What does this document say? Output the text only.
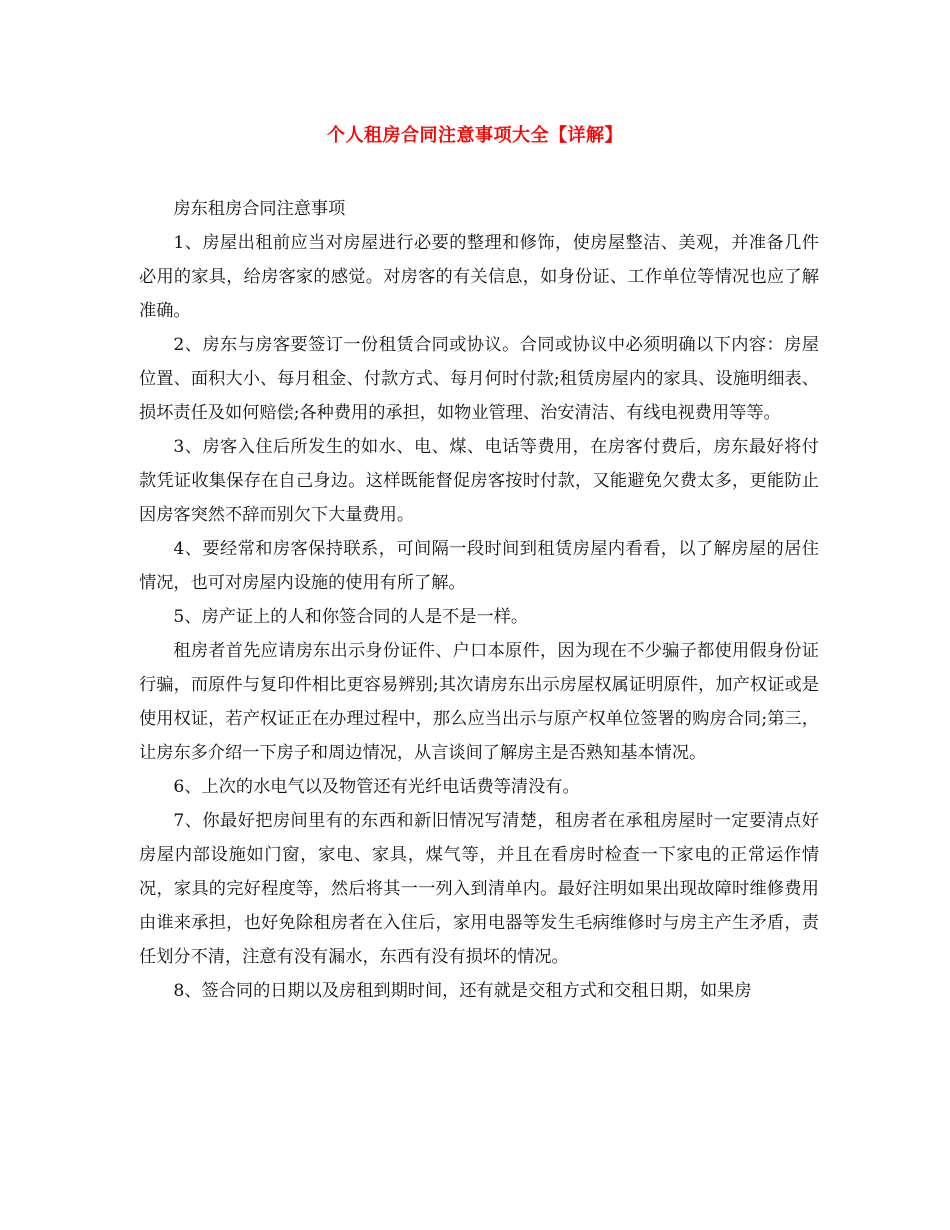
个人租房合同注意事项大全【详解】

房东租房合同注意事项

1、房屋出租前应当对房屋进行必要的整理和修饰，使房屋整洁、美观，并准备几件必用的家具，给房客家的感觉。对房客的有关信息，如身份证、工作单位等情况也应了解准确。

2、房东与房客要签订一份租赁合同或协议。合同或协议中必须明确以下内容：房屋位置、面积大小、每月租金、付款方式、每月何时付款;租赁房屋内的家具、设施明细表、损坏责任及如何赔偿;各种费用的承担，如物业管理、治安清洁、有线电视费用等等。

3、房客入住后所发生的如水、电、煤、电话等费用，在房客付费后，房东最好将付款凭证收集保存在自己身边。这样既能督促房客按时付款，又能避免欠费太多，更能防止因房客突然不辞而别欠下大量费用。

4、要经常和房客保持联系，可间隔一段时间到租赁房屋内看看，以了解房屋的居住情况，也可对房屋内设施的使用有所了解。

5、房产证上的人和你签合同的人是不是一样。

租房者首先应请房东出示身份证件、户口本原件，因为现在不少骗子都使用假身份证行骗，而原件与复印件相比更容易辨别;其次请房东出示房屋权属证明原件，加产权证或是使用权证，若产权证正在办理过程中，那么应当出示与原产权单位签署的购房合同;第三，让房东多介绍一下房子和周边情况，从言谈间了解房主是否熟知基本情况。

6、上次的水电气以及物管还有光纤电话费等清没有。

7、你最好把房间里有的东西和新旧情况写清楚，租房者在承租房屋时一定要清点好房屋内部设施如门窗，家电、家具，煤气等，并且在看房时检查一下家电的正常运作情况，家具的完好程度等，然后将其一一列入到清单内。最好注明如果出现故障时维修费用由谁来承担，也好免除租房者在入住后，家用电器等发生毛病维修时与房主产生矛盾，责任划分不清，注意有没有漏水，东西有没有损坏的情况。

8、签合同的日期以及房租到期时间，还有就是交租方式和交租日期，如果房
